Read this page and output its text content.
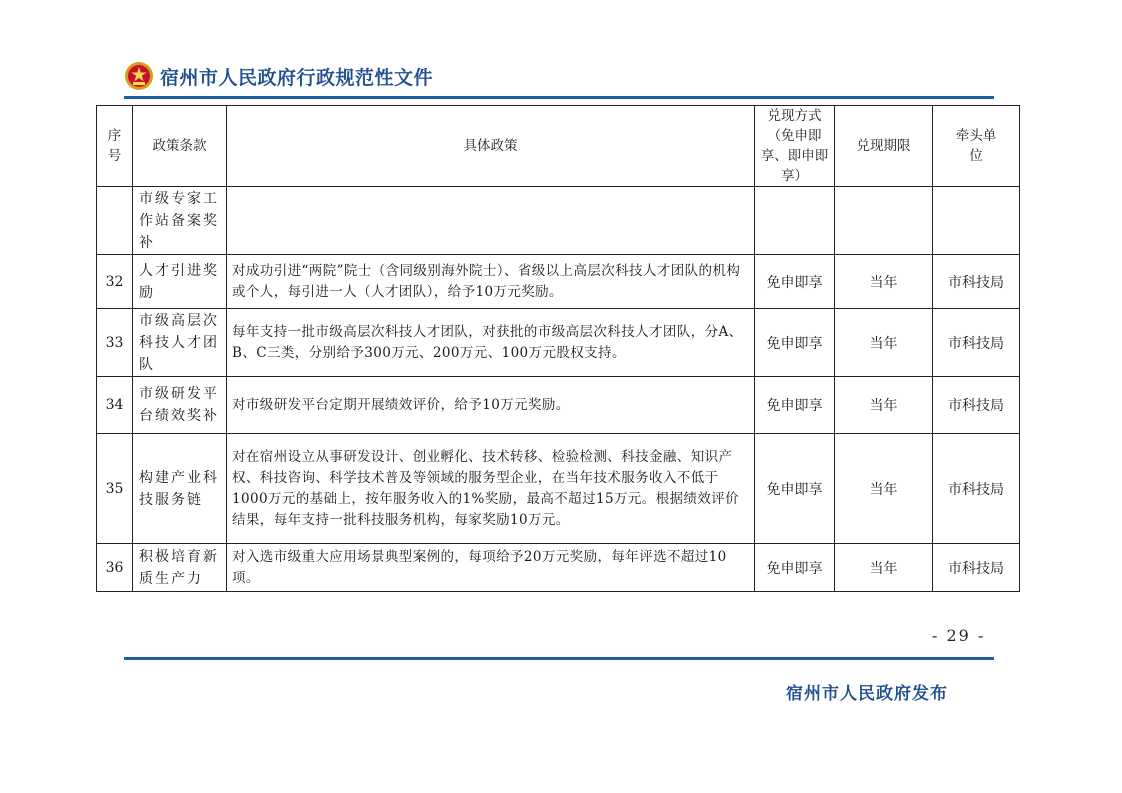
宿州市人民政府行政规范性文件
序号	政策条款	具体政策	兑现方式（免申即享、即申即享）	兑现期限	牵头单位
	市级专家工作站备案奖补				
32	人才引进奖励	对成功引进“两院”院士（含同级别海外院士）、省级以上高层次科技人才团队的机构或个人，每引进一人（人才团队），给予10万元奖励。	免申即享	当年	市科技局
33	市级高层次科技人才团队	每年支持一批市级高层次科技人才团队，对获批的市级高层次科技人才团队，分A、B、C三类，分别给予300万元、200万元、100万元股权支持。	免申即享	当年	市科技局
34	市级研发平台绩效奖补	对市级研发平台定期开展绩效评价，给予10万元奖励。	免申即享	当年	市科技局
35	构建产业科技服务链	对在宿州设立从事研发设计、创业孵化、技术转移、检验检测、科技金融、知识产权、科技咨询、科学技术普及等领域的服务型企业，在当年技术服务收入不低于1000万元的基础上，按年服务收入的1%奖励，最高不超过15万元。根据绩效评价结果，每年支持一批科技服务机构，每家奖励10万元。	免申即享	当年	市科技局
36	积极培育新质生产力	对入选市级重大应用场景典型案例的，每项给予20万元奖励，每年评选不超过10项。	免申即享	当年	市科技局
- 29 -
宿州市人民政府发布
